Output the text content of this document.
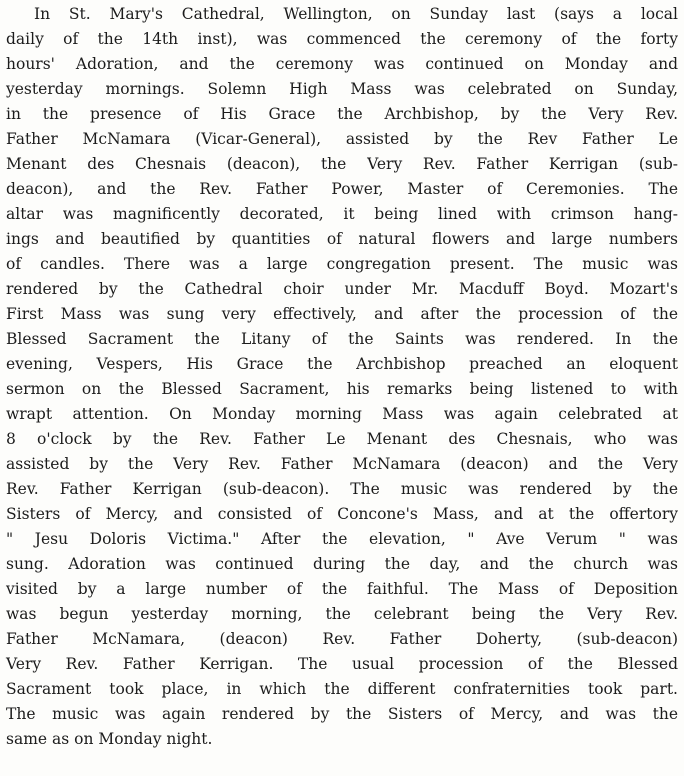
In St. Mary's Cathedral, Wellington, on Sunday last (says a local
daily of the 14th inst), was commenced the ceremony of the forty
hours' Adoration, and the ceremony was continued on Monday and
yesterday mornings. Solemn High Mass was celebrated on Sunday,
in the presence of His Grace the Archbishop, by the Very Rev.
Father McNamara (Vicar-General), assisted by the Rev Father Le
Menant des Chesnais (deacon), the Very Rev. Father Kerrigan (sub-
deacon), and the Rev. Father Power, Master of Ceremonies. The
altar was magnificently decorated, it being lined with crimson hang-
ings and beautified by quantities of natural flowers and large numbers
of candles. There was a large congregation present. The music was
rendered by the Cathedral choir under Mr. Macduff Boyd. Mozart's
First Mass was sung very effectively, and after the procession of the
Blessed Sacrament the Litany of the Saints was rendered. In the
evening, Vespers, His Grace the Archbishop preached an eloquent
sermon on the Blessed Sacrament, his remarks being listened to with
wrapt attention. On Monday morning Mass was again celebrated at
8 o'clock by the Rev. Father Le Menant des Chesnais, who was
assisted by the Very Rev. Father McNamara (deacon) and the Very
Rev. Father Kerrigan (sub-deacon). The music was rendered by the
Sisters of Mercy, and consisted of Concone's Mass, and at the offertory
" Jesu Doloris Victima." After the elevation, " Ave Verum " was
sung. Adoration was continued during the day, and the church was
visited by a large number of the faithful. The Mass of Deposition
was begun yesterday morning, the celebrant being the Very Rev.
Father McNamara, (deacon) Rev. Father Doherty, (sub-deacon)
Very Rev. Father Kerrigan. The usual procession of the Blessed
Sacrament took place, in which the different confraternities took part.
The music was again rendered by the Sisters of Mercy, and was the
same as on Monday night.
